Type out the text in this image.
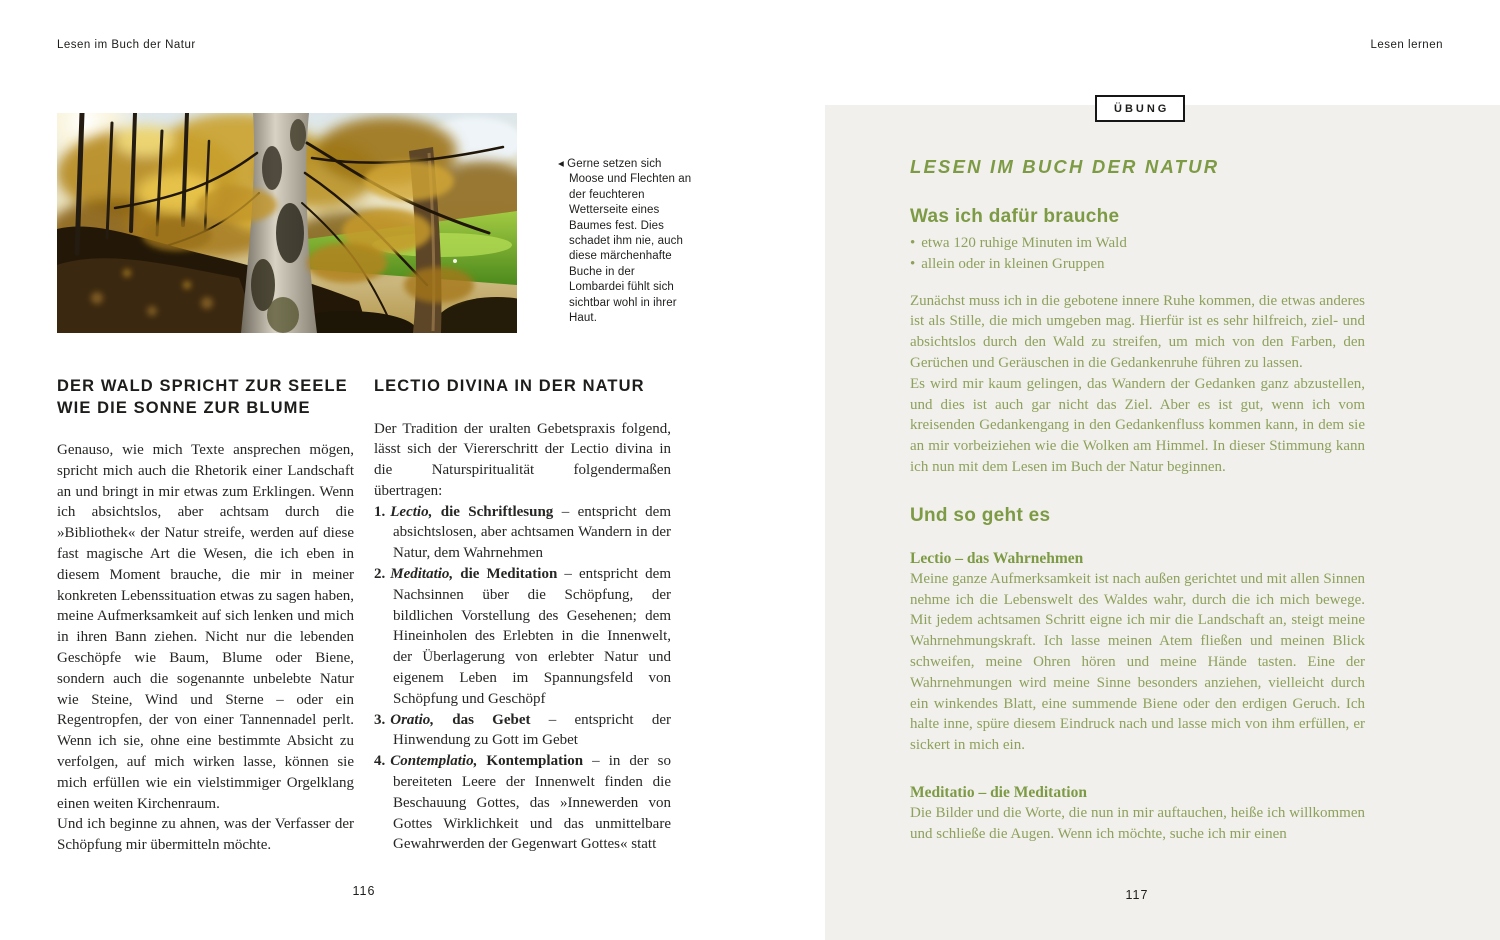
Lesen im Buch der Natur	Lesen lernen
◂ Gerne setzen sich Moose und Flechten an der feuchteren Wetterseite eines Baumes fest. Dies schadet ihm nie, auch diese märchenhafte Buche in der Lombardei fühlt sich sichtbar wohl in ihrer Haut.
DER WALD SPRICHT ZUR SEELE
WIE DIE SONNE ZUR BLUME

Genauso, wie mich Texte ansprechen mögen, spricht mich auch die Rhetorik einer Landschaft an und bringt in mir etwas zum Erklingen. Wenn ich absichtslos, aber achtsam durch die »Bibliothek« der Natur streife, werden auf diese fast magische Art die Wesen, die ich eben in diesem Moment brauche, die mir in meiner konkreten Lebenssituation etwas zu sagen haben, meine Aufmerksamkeit auf sich lenken und mich in ihren Bann ziehen. Nicht nur die lebenden Geschöpfe wie Baum, Blume oder Biene, sondern auch die sogenannte unbelebte Natur wie Steine, Wind und Sterne – oder ein Regentropfen, der von einer Tannennadel perlt. Wenn ich sie, ohne eine bestimmte Absicht zu verfolgen, auf mich wirken lasse, können sie mich erfüllen wie ein vielstimmiger Orgelklang einen weiten Kirchenraum.

Und ich beginne zu ahnen, was der Verfasser der Schöpfung mir übermitteln möchte.

LECTIO DIVINA IN DER NATUR

Der Tradition der uralten Gebetspraxis folgend, lässt sich der Viererschritt der Lectio divina in die Naturspiritualität folgendermaßen übertragen:

1. Lectio, die Schriftlesung – entspricht dem absichtslosen, aber achtsamen Wandern in der Natur, dem Wahrnehmen
2. Meditatio, die Meditation – entspricht dem Nachsinnen über die Schöpfung, der bildlichen Vorstellung des Gesehenen; dem Hineinholen des Erlebten in die Innenwelt, der Überlagerung von erlebter Natur und eigenem Leben im Spannungsfeld von Schöpfung und Geschöpf
3. Oratio, das Gebet – entspricht der Hinwendung zu Gott im Gebet
4. Contemplatio, Kontemplation – in der so bereiteten Leere der Innenwelt finden die Beschauung Gottes, das »Innewerden von Gottes Wirklichkeit und das unmittelbare Gewahrwerden der Gegenwart Gottes« statt
116
LESEN IM BUCH DER NATUR
Was ich dafür brauche
• etwa 120 ruhige Minuten im Wald
• allein oder in kleinen Gruppen

Zunächst muss ich in die gebotene innere Ruhe kommen, die etwas anderes ist als Stille, die mich umgeben mag. Hierfür ist es sehr hilfreich, ziel- und absichtslos durch den Wald zu streifen, um mich von den Farben, den Gerüchen und Geräuschen in die Gedankenruhe führen zu lassen.

Es wird mir kaum gelingen, das Wandern der Gedanken ganz abzustellen, und dies ist auch gar nicht das Ziel. Aber es ist gut, wenn ich vom kreisenden Gedankengang in den Gedankenfluss kommen kann, in dem sie an mir vorbeiziehen wie die Wolken am Himmel. In dieser Stimmung kann ich nun mit dem Lesen im Buch der Natur beginnen.

Und so geht es
Lectio – das Wahrnehmen

Meine ganze Aufmerksamkeit ist nach außen gerichtet und mit allen Sinnen nehme ich die Lebenswelt des Waldes wahr, durch die ich mich bewege. Mit jedem achtsamen Schritt eigne ich mir die Landschaft an, steigt meine Wahrnehmungskraft. Ich lasse meinen Atem fließen und meinen Blick schweifen, meine Ohren hören und meine Hände tasten. Eine der Wahrnehmungen wird meine Sinne besonders anziehen, vielleicht durch ein winkendes Blatt, eine summende Biene oder den erdigen Geruch. Ich halte inne, spüre diesem Eindruck nach und lasse mich von ihm erfüllen, er sickert in mich ein.

Meditatio – die Meditation

Die Bilder und die Worte, die nun in mir auftauchen, heiße ich willkommen und schließe die Augen. Wenn ich möchte, suche ich mir einen

ÜBUNG
117
